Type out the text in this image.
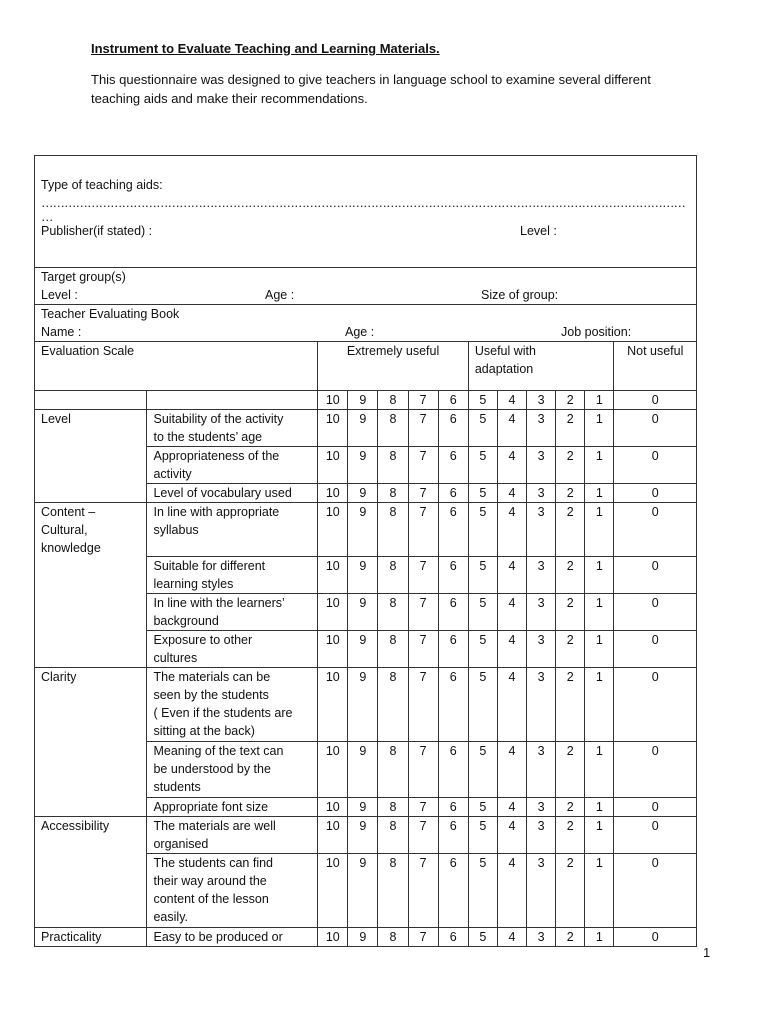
Instrument to Evaluate Teaching and Learning Materials.
This questionnaire was designed to give teachers in language school to examine several different teaching aids and make their recommendations.
Type of teaching aids:
……………………………………………………………………………………………………………………………………………………
…
Publisher(if stated) : Level :												

Target group(s)
Level : Age : Size of group:												

Teacher Evaluating Book
Name : Age : Job position:												

Evaluation Scale		Extremely useful					Useful with
adaptation					Not useful
		10	9	8	7	6	5	4	3	2	1	0

Level	Suitability of the activity
to the students’ age	10	9	8	7	6	5	4	3	2	1	0

	Appropriateness of the
activity	10	9	8	7	6	5	4	3	2	1	0

	Level of vocabulary used	10	9	8	7	6	5	4	3	2	1	0

Content –
Cultural,
knowledge	In line with appropriate
syllabus	10	9	8	7	6	5	4	3	2	1	0

	Suitable for different
learning styles	10	9	8	7	6	5	4	3	2	1	0

	In line with the learners’
background	10	9	8	7	6	5	4	3	2	1	0

	Exposure to other
cultures	10	9	8	7	6	5	4	3	2	1	0

Clarity	The materials can be
seen by the students
( Even if the students are
sitting at the back)	10	9	8	7	6	5	4	3	2	1	0

	Meaning of the text can
be understood by the
students	10	9	8	7	6	5	4	3	2	1	0

	Appropriate font size	10	9	8	7	6	5	4	3	2	1	0

Accessibility	The materials are well
organised	10	9	8	7	6	5	4	3	2	1	0

	The students can find
their way around the
content of the lesson
easily.	10	9	8	7	6	5	4	3	2	1	0

Practicality	Easy to be produced or	10	9	8	7	6	5	4	3	2	1	0
1
